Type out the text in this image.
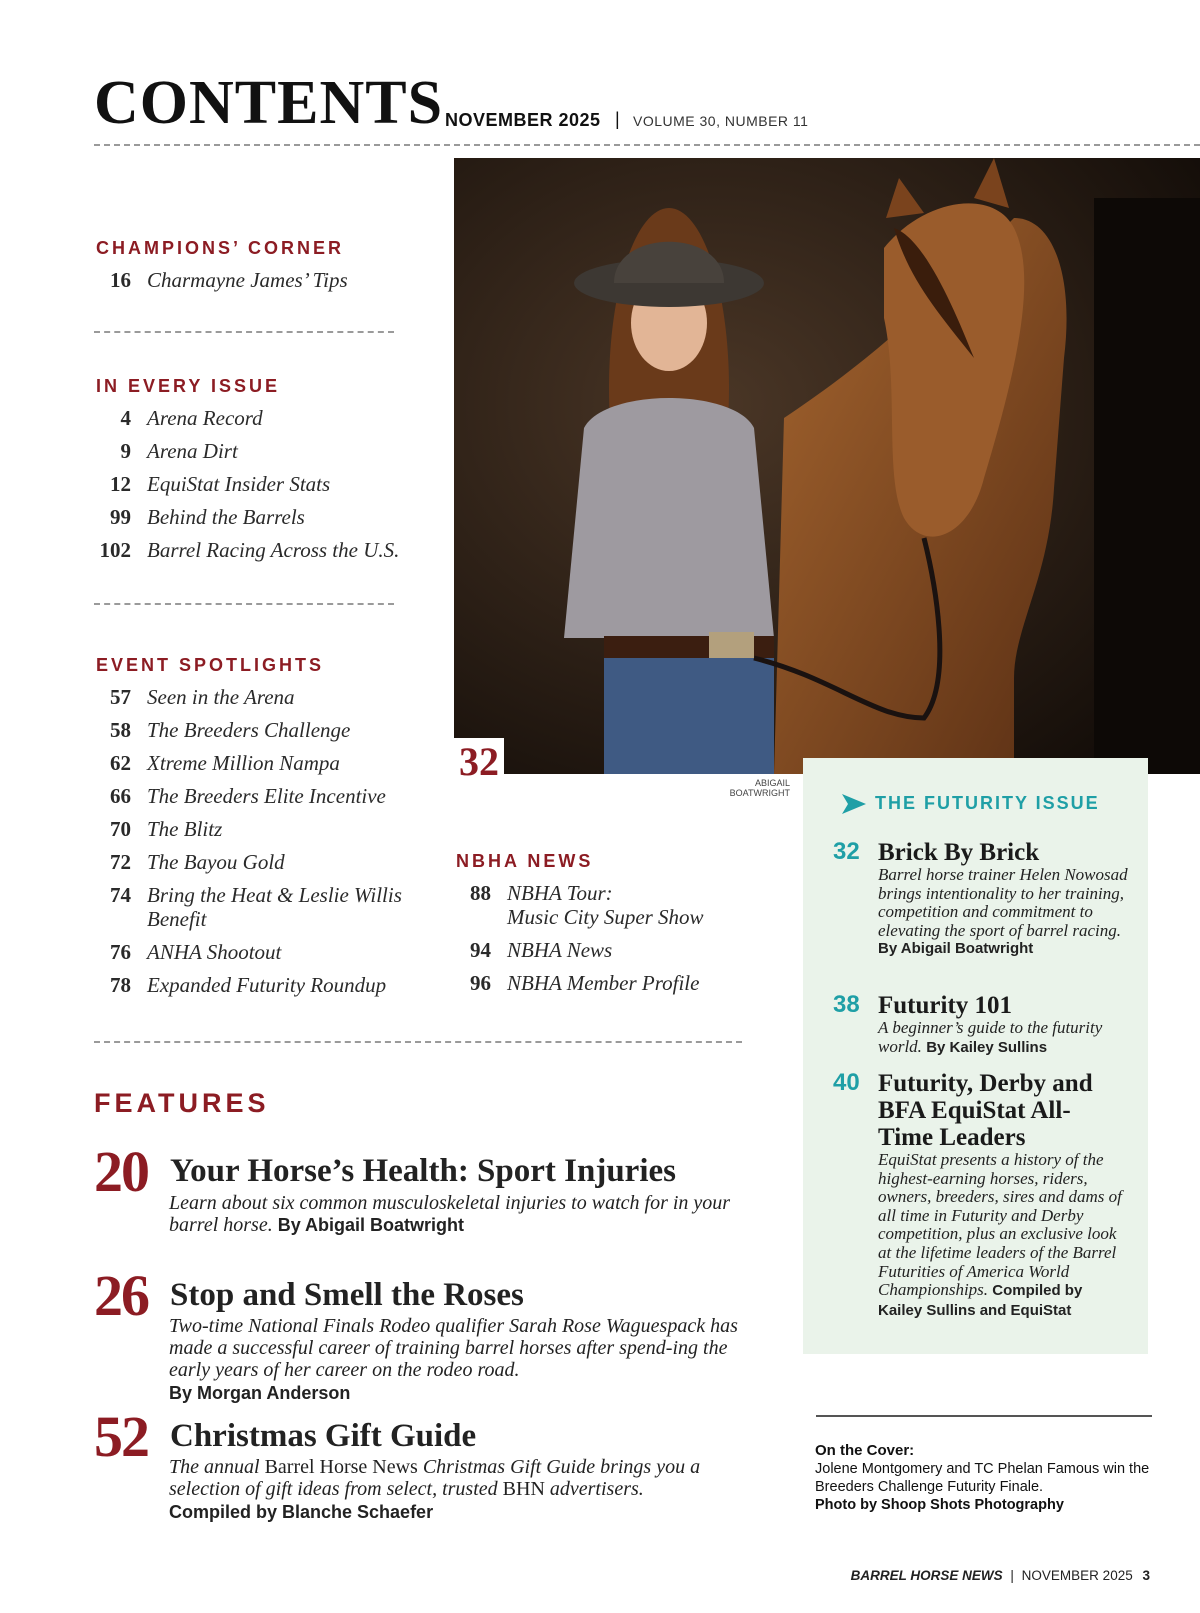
CONTENTS NOVEMBER 2025 | VOLUME 30, NUMBER 11
32	ABIGAIL BOATWRIGHT
CHAMPIONS’ CORNER
16 Charmayne James’ Tips
IN EVERY ISSUE
4 Arena Record
9 Arena Dirt
12 EquiStat Insider Stats
99 Behind the Barrels
102 Barrel Racing Across the U.S.
EVENT SPOTLIGHTS
57 Seen in the Arena
58 The Breeders Challenge
62 Xtreme Million Nampa
66 The Breeders Elite Incentive
70 The Blitz
72 The Bayou Gold
74 Bring the Heat & Leslie Willis Benefit
76 ANHA Shootout
78 Expanded Futurity Roundup
NBHA NEWS
88 NBHA Tour:
Music City Super Show
94 NBHA News
96 NBHA Member Profile
FEATURES
20 Your Horse’s Health: Sport Injuries
Learn about six common musculoskeletal injuries to watch for in your barrel horse. By Abigail Boatwright
26 Stop and Smell the Roses
Two-time National Finals Rodeo qualifier Sarah Rose Waguespack has made a successful career of training barrel horses after spend-ing the early years of her career on the rodeo road.
By Morgan Anderson
52 Christmas Gift Guide
The annual Barrel Horse News Christmas Gift Guide brings you a selection of gift ideas from select, trusted BHN advertisers.
Compiled by Blanche Schaefer
THE FUTURITY ISSUE
32 Brick By Brick
Barrel horse trainer Helen Nowosad brings intentionality to her training, competition and commitment to elevating the sport of barrel racing.
By Abigail Boatwright
38 Futurity 101
A beginner’s guide to the futurity world. By Kailey Sullins
40 Futurity, Derby and BFA EquiStat All-Time Leaders
EquiStat presents a history of the highest-earning horses, riders, owners, breeders, sires and dams of all time in Futurity and Derby competition, plus an exclusive look at the lifetime leaders of the Barrel Futurities of America World Championships. Compiled by Kailey Sullins and EquiStat
On the Cover:
Jolene Montgomery and TC Phelan Famous win the Breeders Challenge Futurity Finale.
Photo by Shoop Shots Photography
BARREL HORSE NEWS | NOVEMBER 2025 3
